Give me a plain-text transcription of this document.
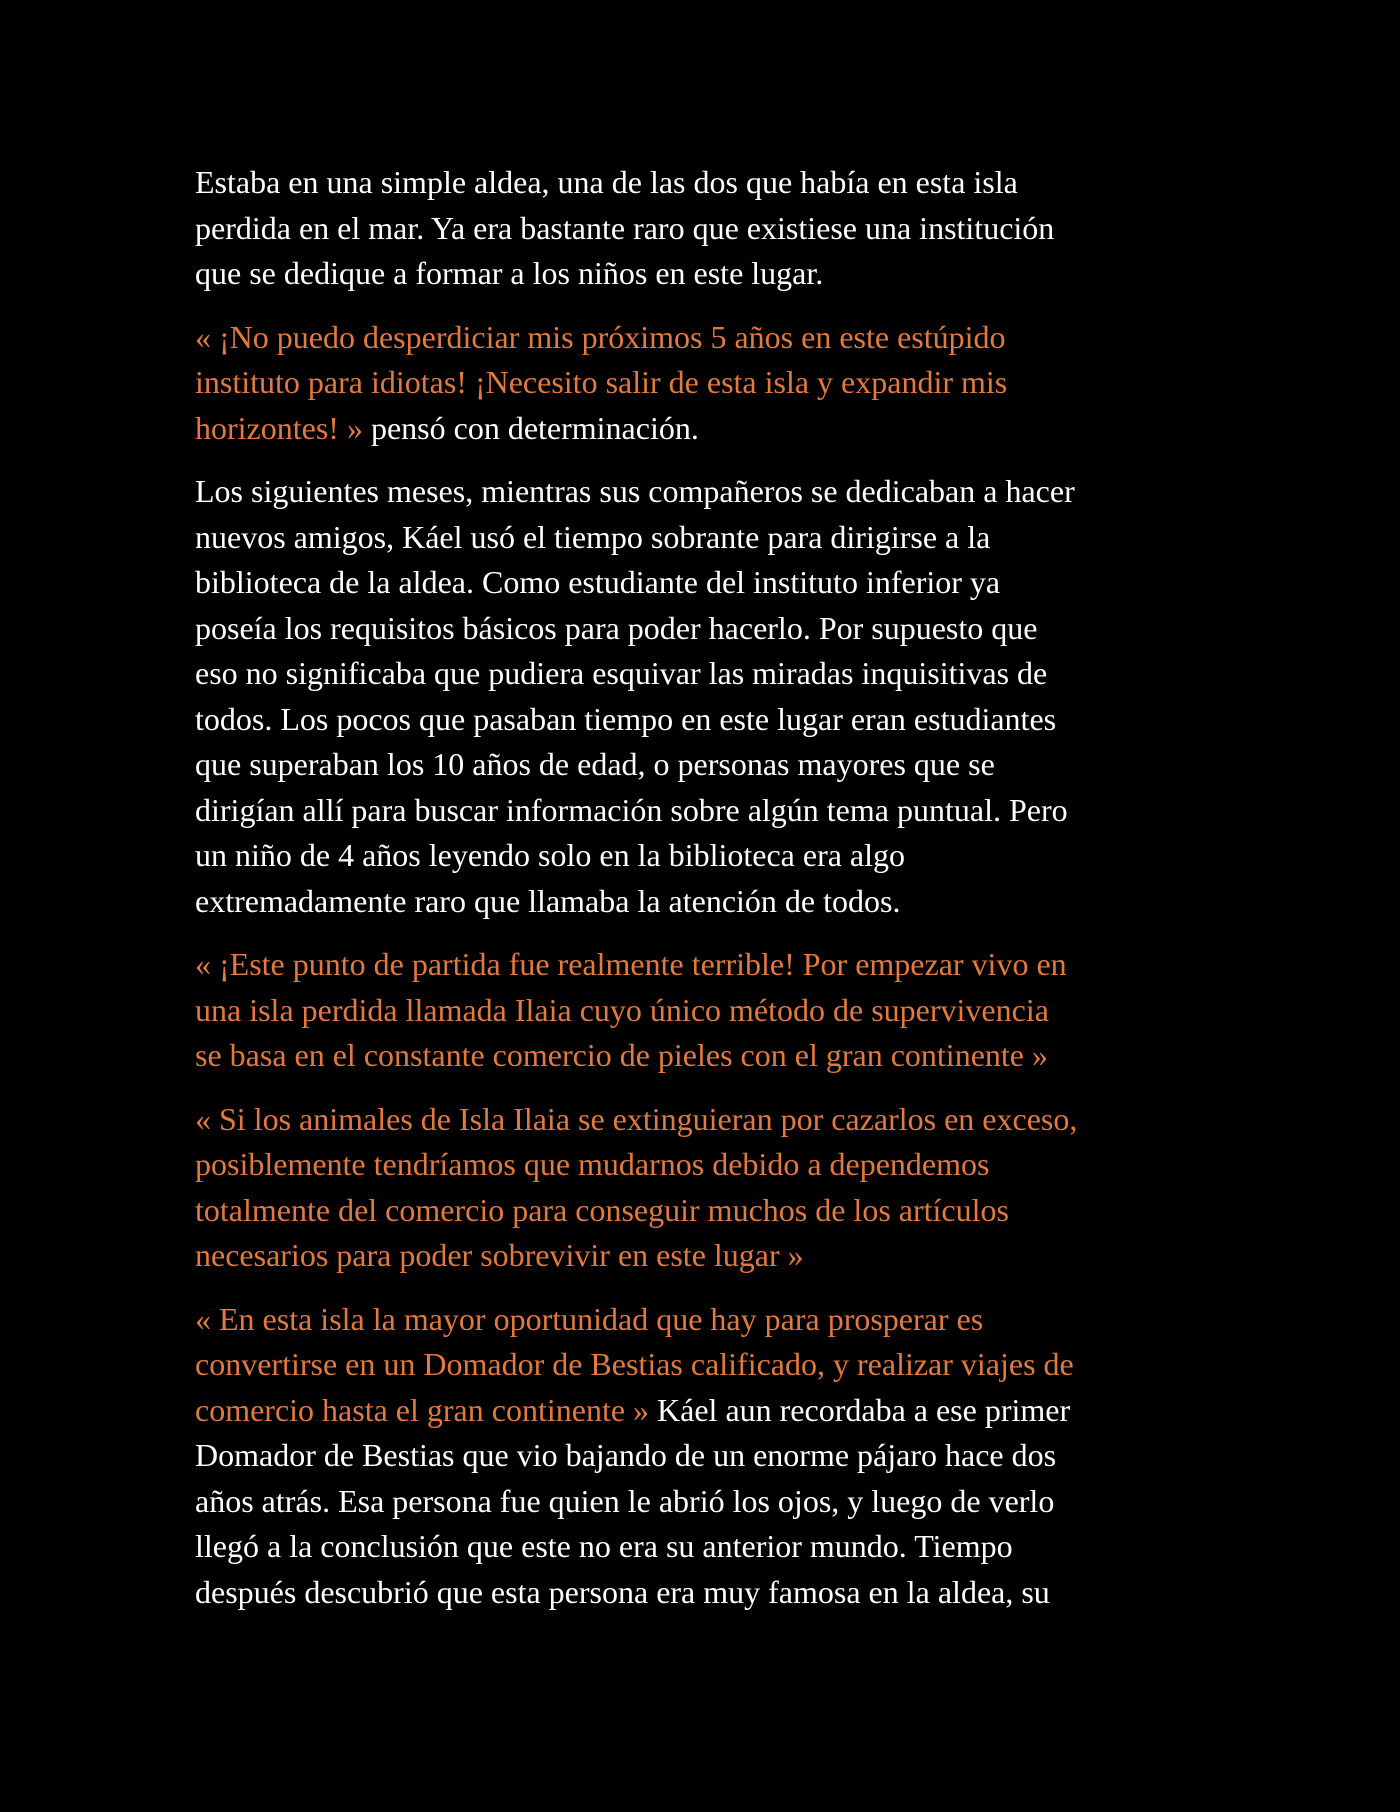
Estaba en una simple aldea, una de las dos que había en esta isla
perdida en el mar. Ya era bastante raro que existiese una institución
que se dedique a formar a los niños en este lugar.
« ¡No puedo desperdiciar mis próximos 5 años en este estúpido
instituto para idiotas! ¡Necesito salir de esta isla y expandir mis
horizontes! » pensó con determinación.
Los siguientes meses, mientras sus compañeros se dedicaban a hacer
nuevos amigos, Káel usó el tiempo sobrante para dirigirse a la
biblioteca de la aldea. Como estudiante del instituto inferior ya
poseía los requisitos básicos para poder hacerlo. Por supuesto que
eso no significaba que pudiera esquivar las miradas inquisitivas de
todos. Los pocos que pasaban tiempo en este lugar eran estudiantes
que superaban los 10 años de edad, o personas mayores que se
dirigían allí para buscar información sobre algún tema puntual. Pero
un niño de 4 años leyendo solo en la biblioteca era algo
extremadamente raro que llamaba la atención de todos.
« ¡Este punto de partida fue realmente terrible! Por empezar vivo en
una isla perdida llamada Ilaia cuyo único método de supervivencia
se basa en el constante comercio de pieles con el gran continente »
« Si los animales de Isla Ilaia se extinguieran por cazarlos en exceso,
posiblemente tendríamos que mudarnos debido a dependemos
totalmente del comercio para conseguir muchos de los artículos
necesarios para poder sobrevivir en este lugar »
« En esta isla la mayor oportunidad que hay para prosperar es
convertirse en un Domador de Bestias calificado, y realizar viajes de
comercio hasta el gran continente » Káel aun recordaba a ese primer
Domador de Bestias que vio bajando de un enorme pájaro hace dos
años atrás. Esa persona fue quien le abrió los ojos, y luego de verlo
llegó a la conclusión que este no era su anterior mundo. Tiempo
después descubrió que esta persona era muy famosa en la aldea, su
